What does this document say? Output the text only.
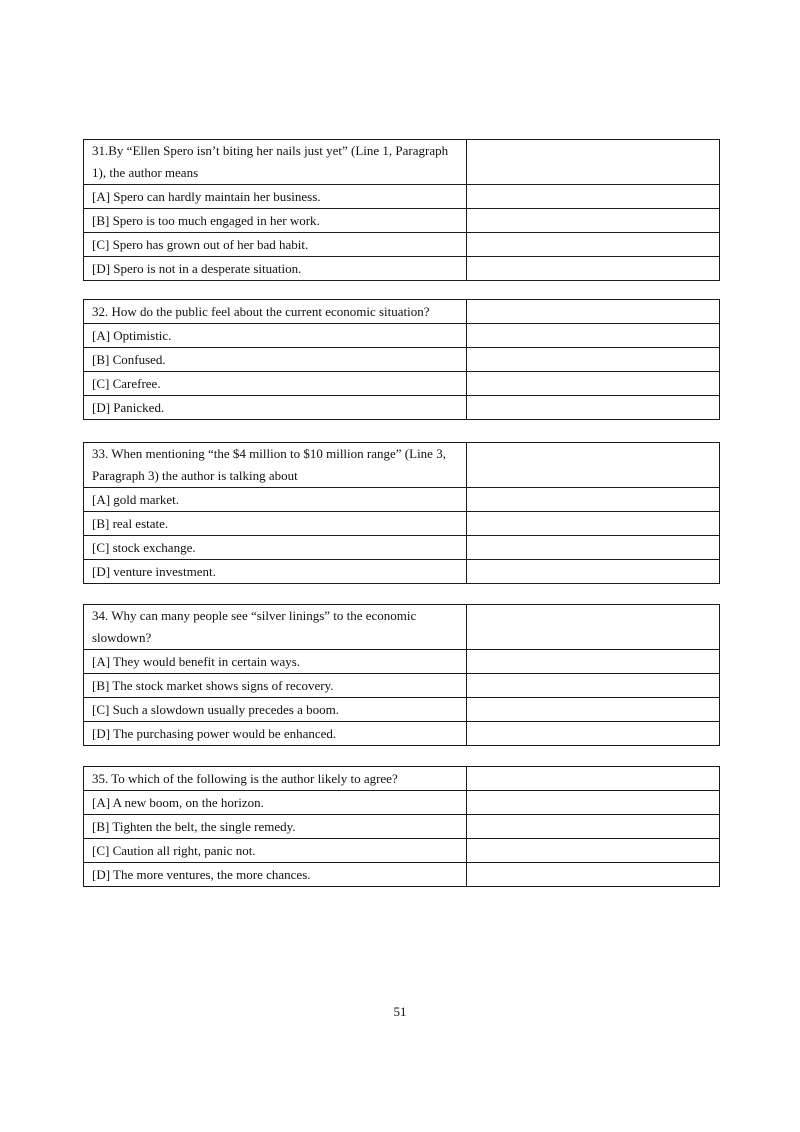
31.By “Ellen Spero isn’t biting her nails just yet” (Line 1, Paragraph 1), the author means	
[A] Spero can hardly maintain her business.	
[B] Spero is too much engaged in her work.	
[C] Spero has grown out of her bad habit.	
[D] Spero is not in a desperate situation.	
32. How do the public feel about the current economic situation?	
[A] Optimistic.	
[B] Confused.	
[C] Carefree.	
[D] Panicked.	
33. When mentioning “the $4 million to $10 million range” (Line 3, Paragraph 3) the author is talking about	
[A] gold market.	
[B] real estate.	
[C] stock exchange.	
[D] venture investment.	
34. Why can many people see “silver linings” to the economic slowdown?	
[A] They would benefit in certain ways.	
[B] The stock market shows signs of recovery.	
[C] Such a slowdown usually precedes a boom.	
[D] The purchasing power would be enhanced.	
35. To which of the following is the author likely to agree?	
[A] A new boom, on the horizon.	
[B] Tighten the belt, the single remedy.	
[C] Caution all right, panic not.	
[D] The more ventures, the more chances.	
51
